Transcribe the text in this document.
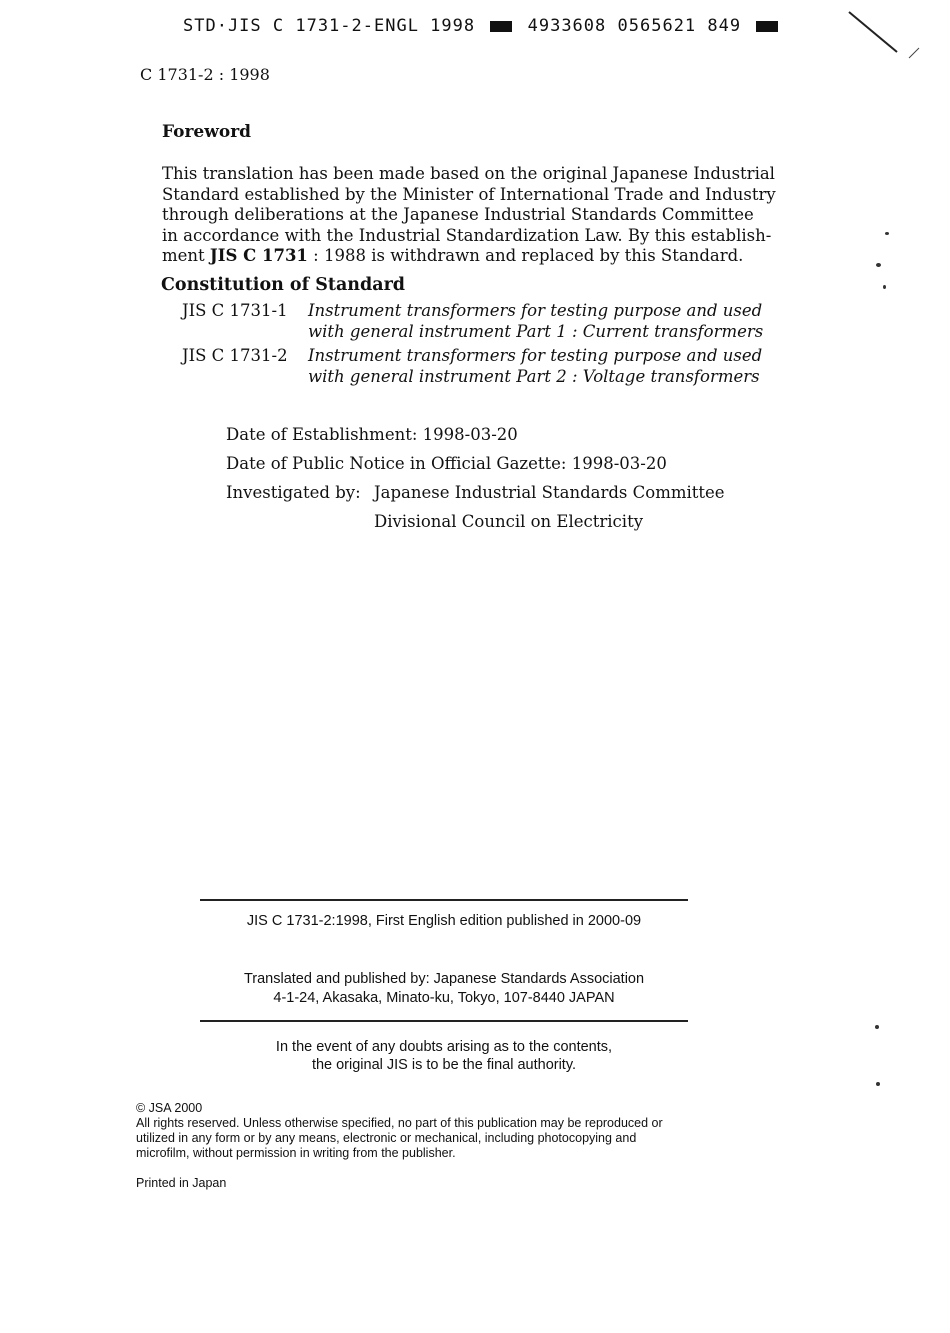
STD·JIS C 1731-2-ENGL 1998	4933608 0565621 849
C 1731-2 : 1998
Foreword
This translation has been made based on the original Japanese Industrial
Standard established by the Minister of International Trade and Industry
through deliberations at the Japanese Industrial Standards Committee
in accordance with the Industrial Standardization Law. By this establish-
ment JIS C 1731 : 1988 is withdrawn and replaced by this Standard.
Constitution of Standard
JIS C 1731-1 Instrument transformers for testing purpose and used
with general instrument Part 1 : Current transformers
JIS C 1731-2 Instrument transformers for testing purpose and used
with general instrument Part 2 : Voltage transformers
Date of Establishment: 1998-03-20
Date of Public Notice in Official Gazette: 1998-03-20
Investigated by: Japanese Industrial Standards Committee
Divisional Council on Electricity
JIS C 1731-2:1998, First English edition published in 2000-09
Translated and published by: Japanese Standards Association
4-1-24, Akasaka, Minato-ku, Tokyo, 107-8440 JAPAN
In the event of any doubts arising as to the contents,
the original JIS is to be the final authority.
© JSA 2000
All rights reserved. Unless otherwise specified, no part of this publication may be reproduced or
utilized in any form or by any means, electronic or mechanical, including photocopying and
microfilm, without permission in writing from the publisher.
Printed in Japan
